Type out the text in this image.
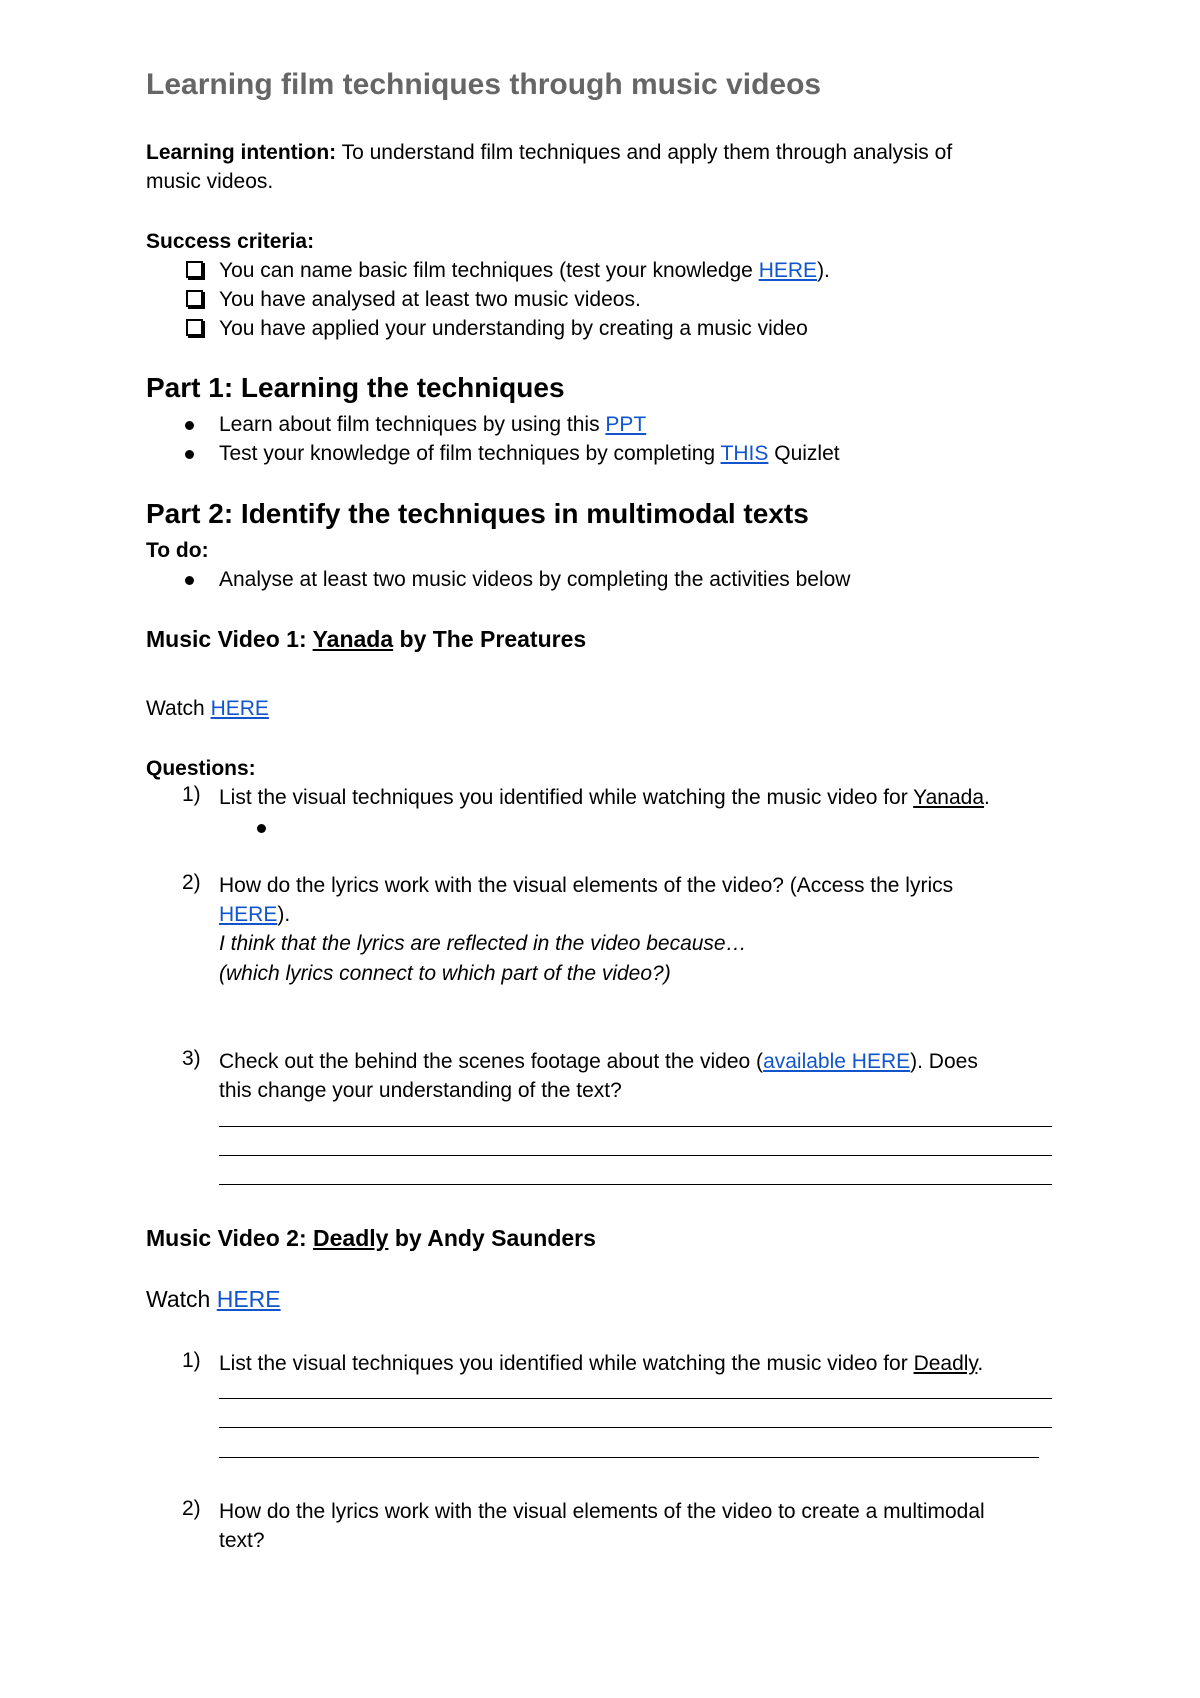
Learning film techniques through music videos
Learning intention: To understand film techniques and apply them through analysis of
music videos.
Success criteria:
You can name basic film techniques (test your knowledge HERE).
You have analysed at least two music videos.
You have applied your understanding by creating a music video
Part 1: Learning the techniques
Learn about film techniques by using this PPT
Test your knowledge of film techniques by completing THIS Quizlet
Part 2: Identify the techniques in multimodal texts
To do:
Analyse at least two music videos by completing the activities below
Music Video 1: Yanada by The Preatures
Watch HERE
Questions:
1) List the visual techniques you identified while watching the music video for Yanada.
2) How do the lyrics work with the visual elements of the video? (Access the lyrics
HERE).
I think that the lyrics are reflected in the video because…
(which lyrics connect to which part of the video?)
3) Check out the behind the scenes footage about the video (available HERE). Does
this change your understanding of the text?
Music Video 2: Deadly by Andy Saunders
Watch HERE
1) List the visual techniques you identified while watching the music video for Deadly.
2) How do the lyrics work with the visual elements of the video to create a multimodal
text?
